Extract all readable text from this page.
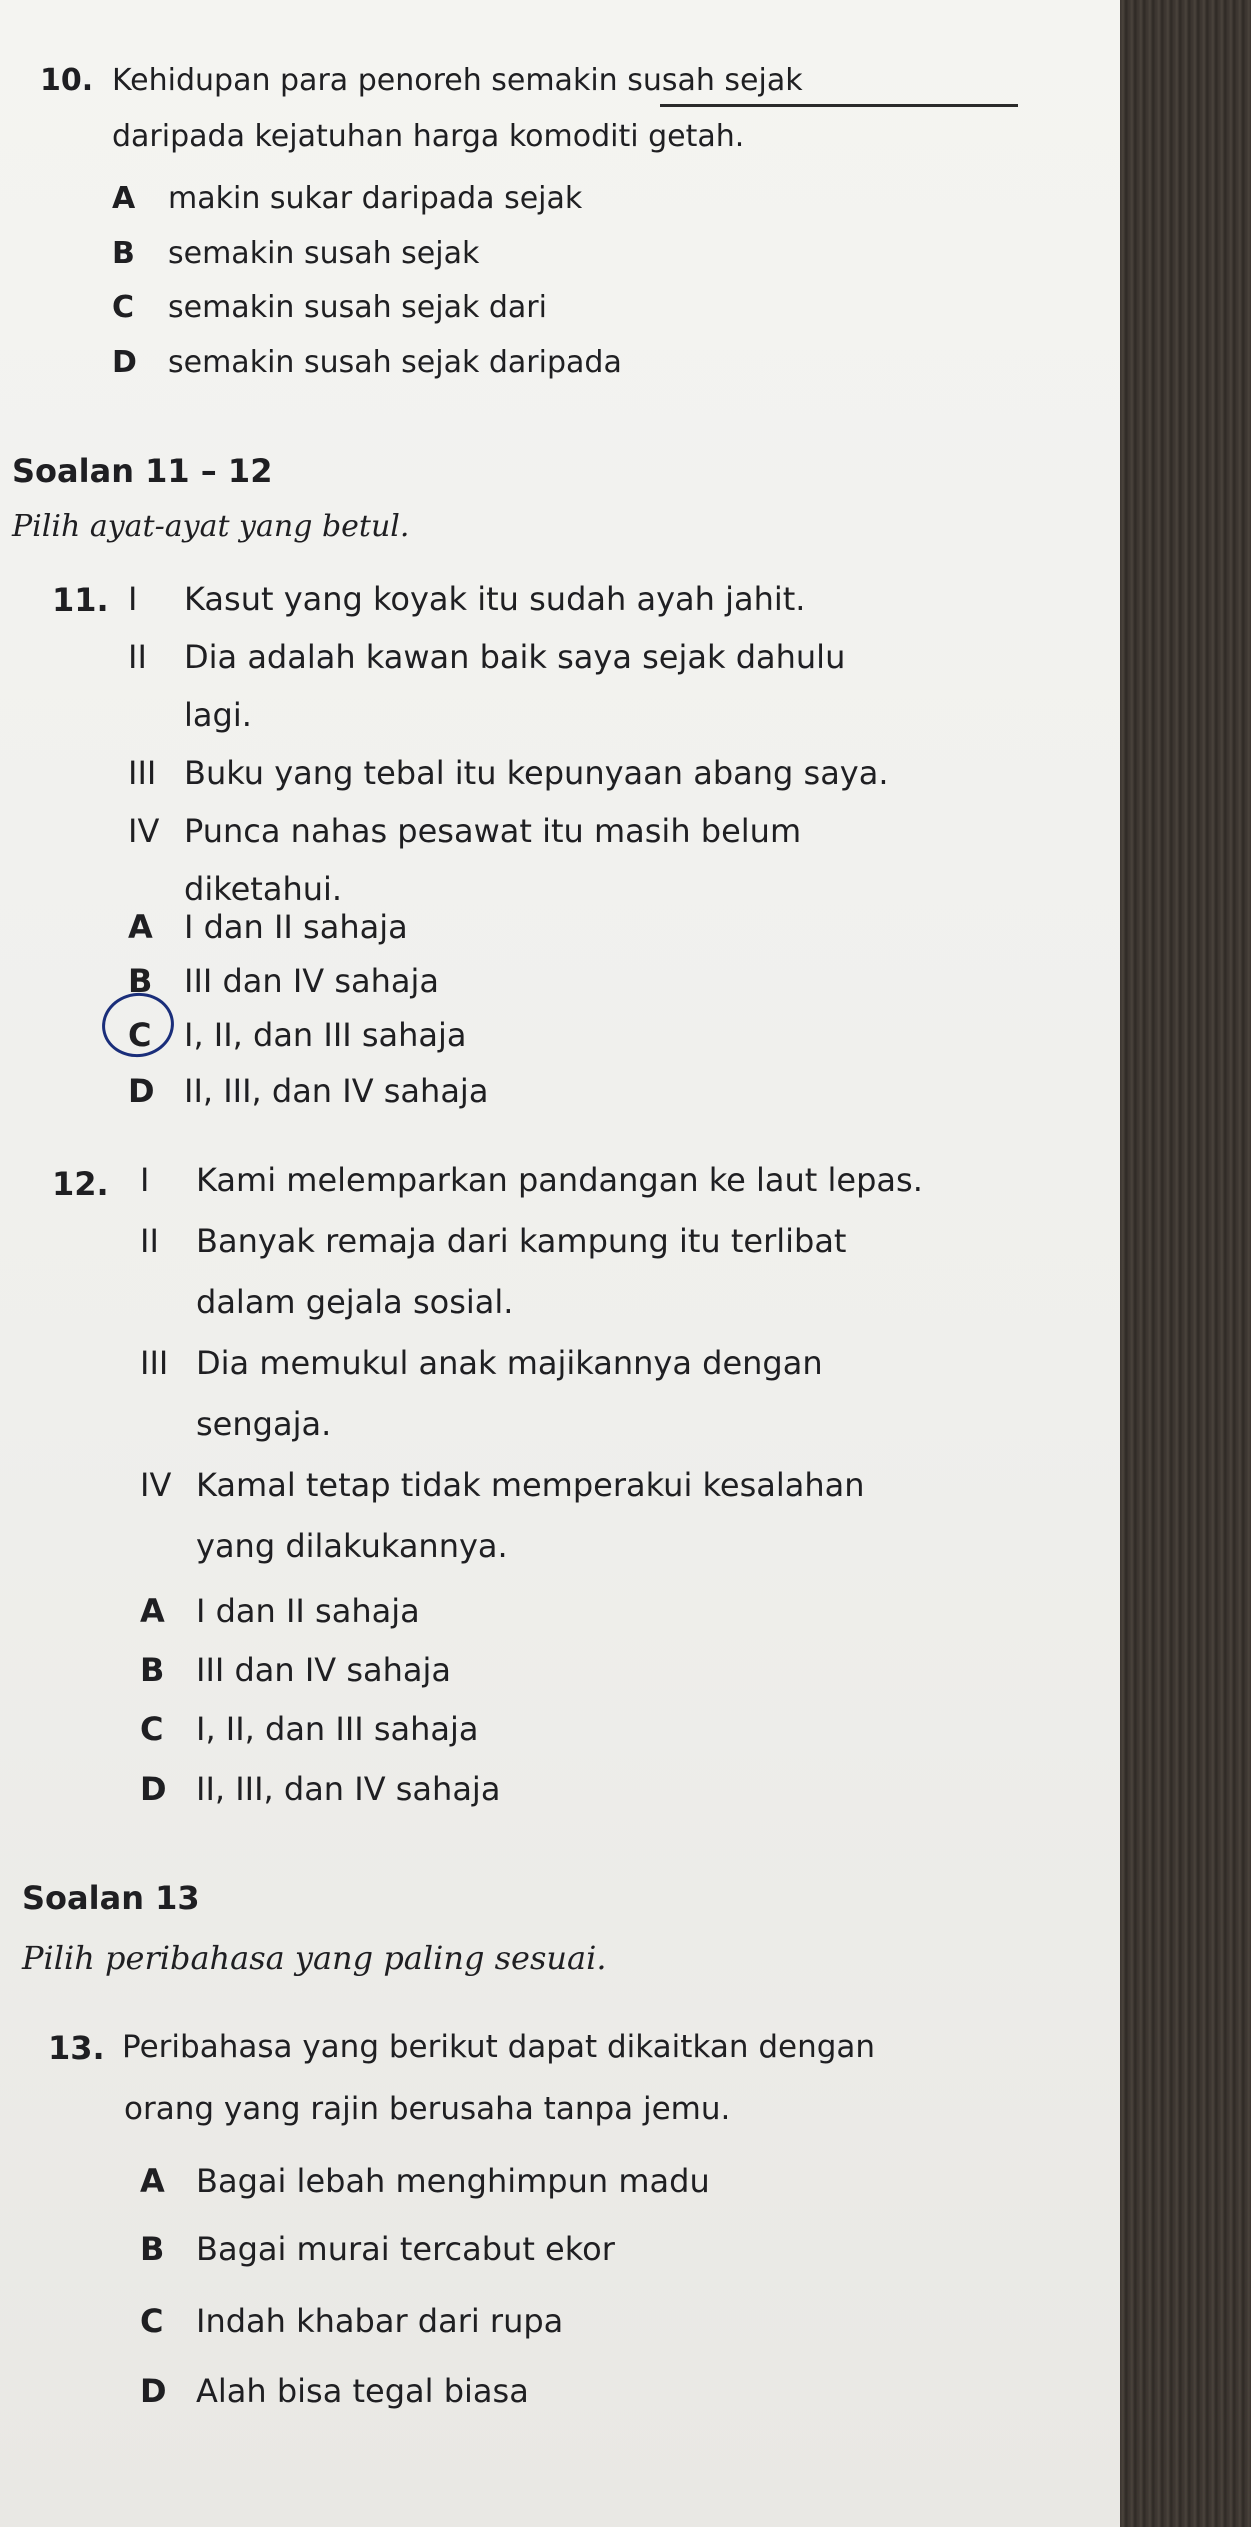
10. Kehidupan para penoreh semakin susah sejak
daripada kejatuhan harga komoditi getah.
A makin sukar daripada sejak
B semakin susah sejak
C semakin susah sejak dari
D semakin susah sejak daripada
Soalan 11 – 12
Pilih ayat-ayat yang betul.
11. I Kasut yang koyak itu sudah ayah jahit.
II Dia adalah kawan baik saya sejak dahulu
lagi.
III Buku yang tebal itu kepunyaan abang saya.
IV Punca nahas pesawat itu masih belum
diketahui.
A I dan II sahaja
B III dan IV sahaja
C I, II, dan III sahaja
D II, III, dan IV sahaja
12. I Kami melemparkan pandangan ke laut lepas.
II Banyak remaja dari kampung itu terlibat
dalam gejala sosial.
III Dia memukul anak majikannya dengan
sengaja.
IV Kamal tetap tidak memperakui kesalahan
yang dilakukannya.
A I dan II sahaja
B III dan IV sahaja
C I, II, dan III sahaja
D II, III, dan IV sahaja
Soalan 13
Pilih peribahasa yang paling sesuai.
13. Peribahasa yang berikut dapat dikaitkan dengan
orang yang rajin berusaha tanpa jemu.
A Bagai lebah menghimpun madu
B Bagai murai tercabut ekor
C Indah khabar dari rupa
D Alah bisa tegal biasa
